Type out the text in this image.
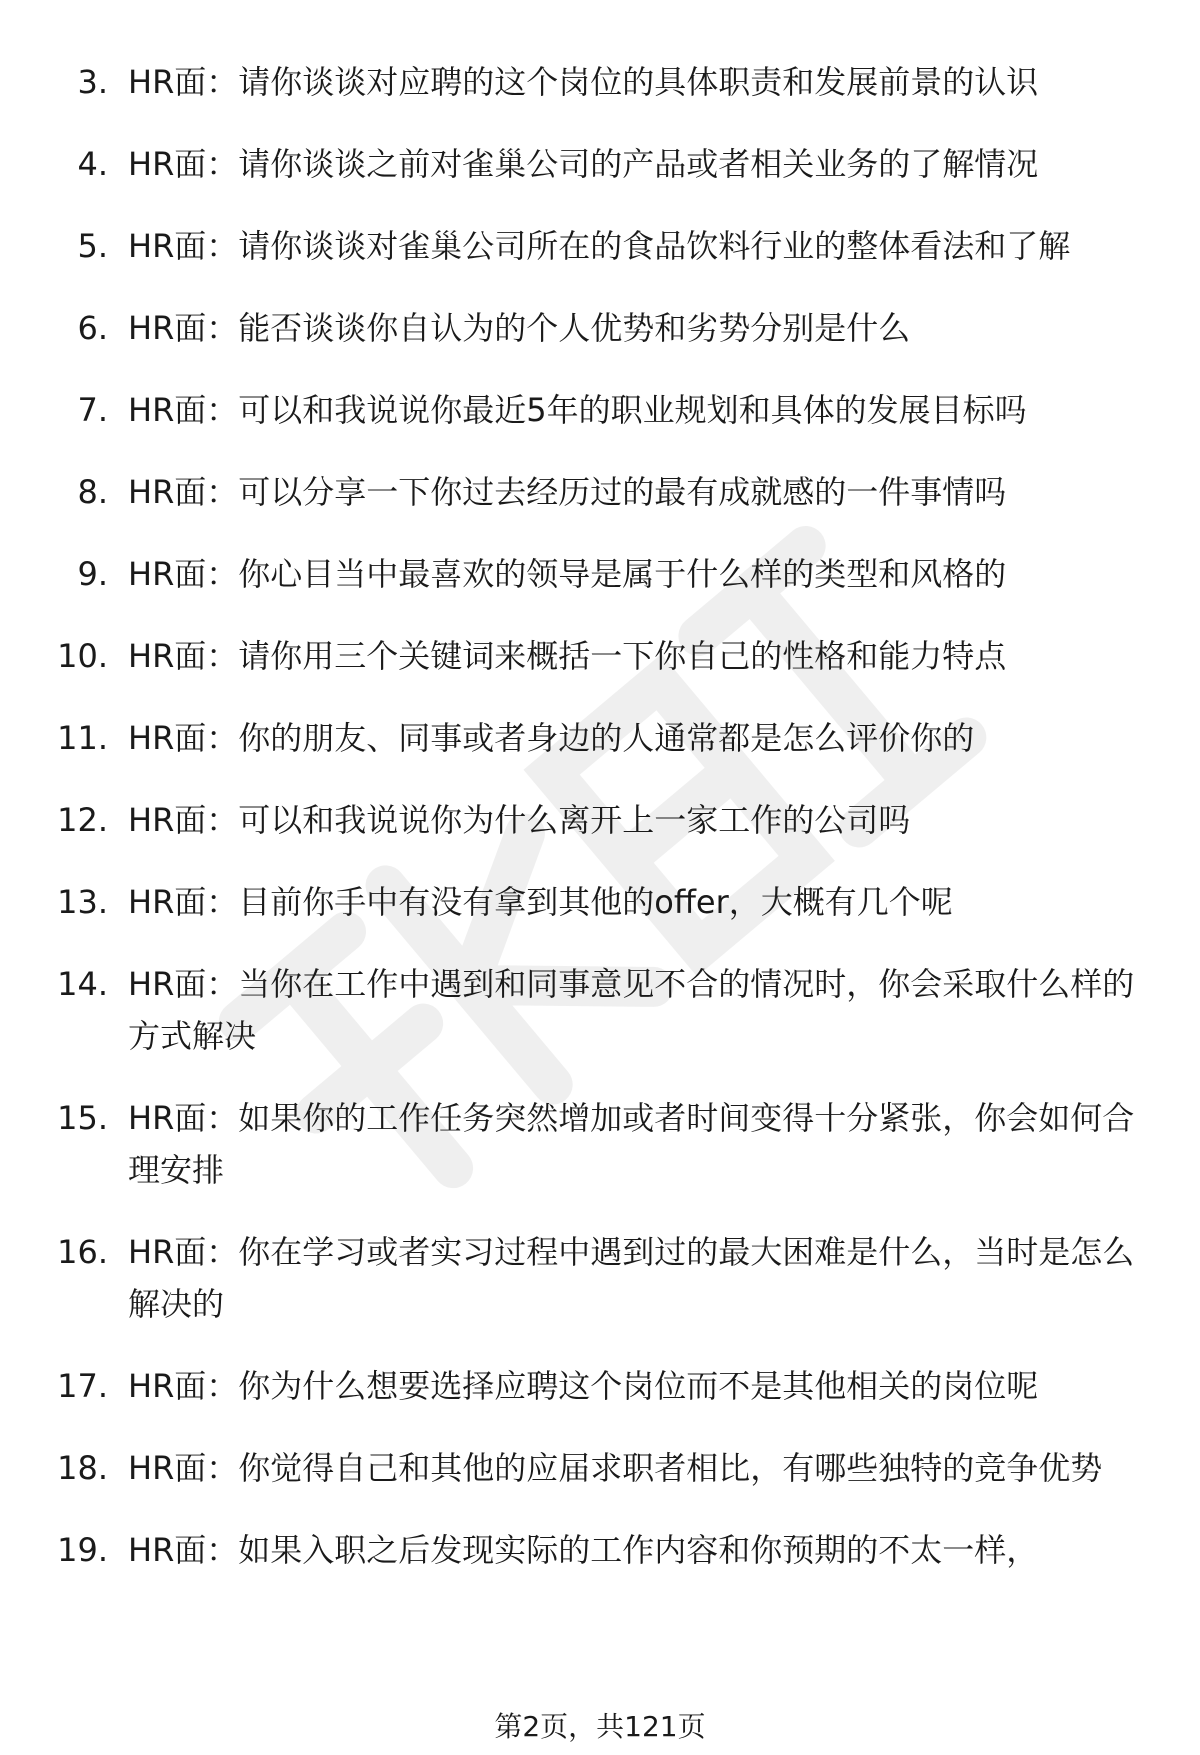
3. HR面：请你谈谈对应聘的这个岗位的具体职责和发展前景的认识
4. HR面：请你谈谈之前对雀巢公司的产品或者相关业务的了解情况
5. HR面：请你谈谈对雀巢公司所在的食品饮料行业的整体看法和了解
6. HR面：能否谈谈你自认为的个人优势和劣势分别是什么
7. HR面：可以和我说说你最近5年的职业规划和具体的发展目标吗
8. HR面：可以分享一下你过去经历过的最有成就感的一件事情吗
9. HR面：你心目当中最喜欢的领导是属于什么样的类型和风格的
10. HR面：请你用三个关键词来概括一下你自己的性格和能力特点
11. HR面：你的朋友、同事或者身边的人通常都是怎么评价你的
12. HR面：可以和我说说你为什么离开上一家工作的公司吗
13. HR面：目前你手中有没有拿到其他的offer，大概有几个呢
14. HR面：当你在工作中遇到和同事意见不合的情况时，你会采取什么样的方式解决
15. HR面：如果你的工作任务突然增加或者时间变得十分紧张，你会如何合理安排
16. HR面：你在学习或者实习过程中遇到过的最大困难是什么，当时是怎么解决的
17. HR面：你为什么想要选择应聘这个岗位而不是其他相关的岗位呢
18. HR面：你觉得自己和其他的应届求职者相比，有哪些独特的竞争优势
19. HR面：如果入职之后发现实际的工作内容和你预期的不太一样，
第2页，共121页
